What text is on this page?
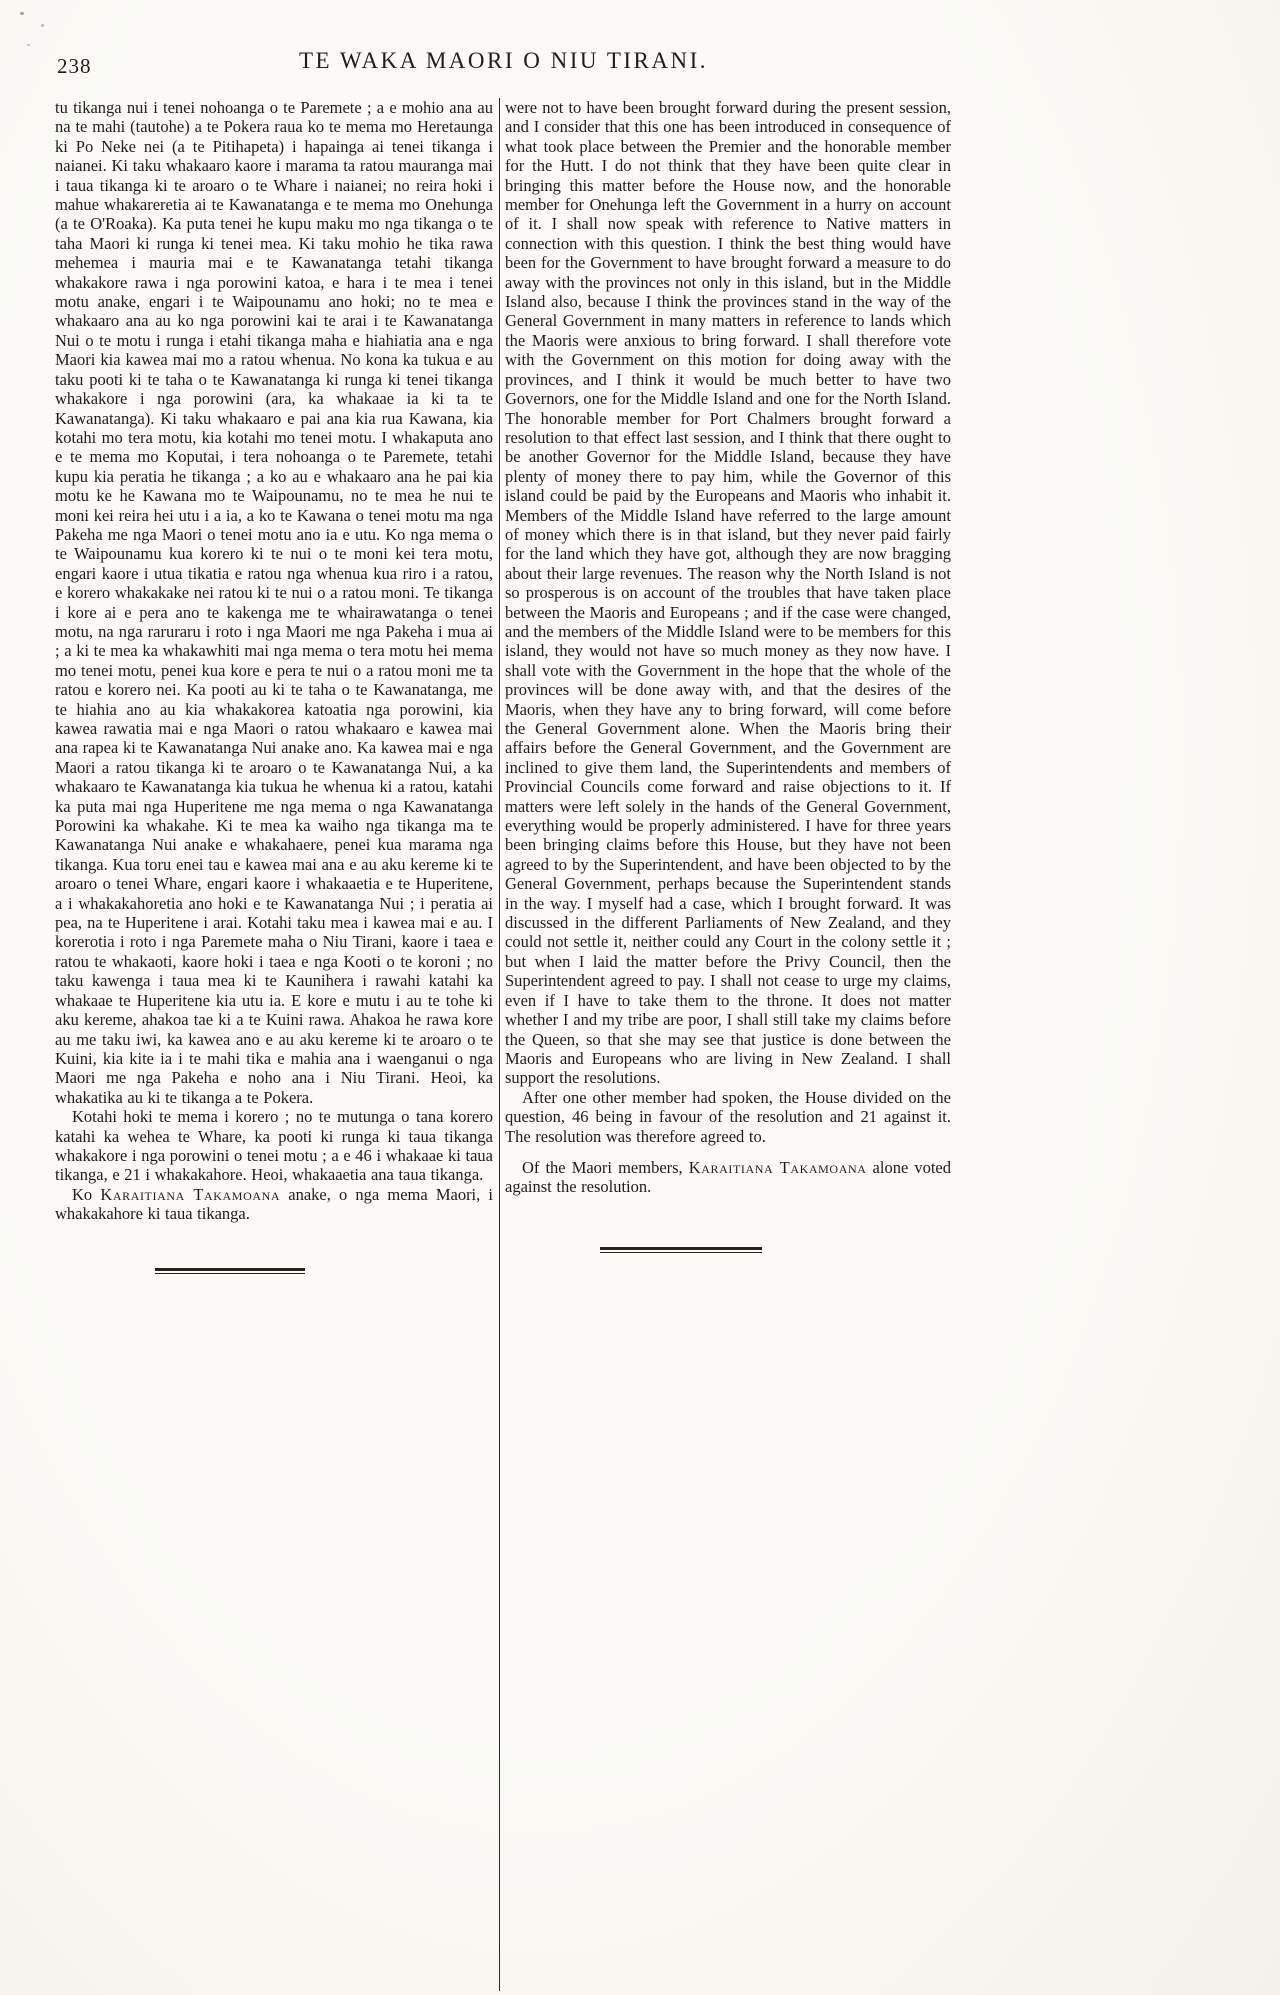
238	TE WAKA MAORI O NIU TIRANI.

tu tikanga nui i tenei nohoanga o te Paremete ; a e mohio ana au na te mahi (tautohe) a te Pokera raua ko te mema mo Heretaunga ki Po Neke nei (a te Pitihapeta) i hapainga ai tenei tikanga i naianei. Ki taku whakaaro kaore i marama ta ratou mauranga mai i taua tikanga ki te aroaro o te Whare i naianei; no reira hoki i mahue whakareretia ai te Kawanatanga e te mema mo Onehunga (a te O'Roaka). Ka puta tenei he kupu maku mo nga tikanga o te taha Maori ki runga ki tenei mea. Ki taku mohio he tika rawa mehemea i mauria mai e te Kawanatanga tetahi tikanga whakakore rawa i nga porowini katoa, e hara i te mea i tenei motu anake, engari i te Waipounamu ano hoki; no te mea e whakaaro ana au ko nga porowini kai te arai i te Kawanatanga Nui o te motu i runga i etahi tikanga maha e hiahiatia ana e nga Maori kia kawea mai mo a ratou whenua. No kona ka tukua e au taku pooti ki te taha o te Kawanatanga ki runga ki tenei tikanga whakakore i nga porowini (ara, ka whakaae ia ki ta te Kawanatanga). Ki taku whakaaro e pai ana kia rua Kawana, kia kotahi mo tera motu, kia kotahi mo tenei motu. I whakaputa ano e te mema mo Koputai, i tera nohoanga o te Paremete, tetahi kupu kia peratia he tikanga ; a ko au e whakaaro ana he pai kia motu ke he Kawana mo te Waipounamu, no te mea he nui te moni kei reira hei utu i a ia, a ko te Kawana o tenei motu ma nga Pakeha me nga Maori o tenei motu ano ia e utu. Ko nga mema o te Waipounamu kua korero ki te nui o te moni kei tera motu, engari kaore i utua tikatia e ratou nga whenua kua riro i a ratou, e korero whakakake nei ratou ki te nui o a ratou moni. Te tikanga i kore ai e pera ano te kakenga me te whairawatanga o tenei motu, na nga raruraru i roto i nga Maori me nga Pakeha i mua ai ; a ki te mea ka whakawhiti mai nga mema o tera motu hei mema mo tenei motu, penei kua kore e pera te nui o a ratou moni me ta ratou e korero nei. Ka pooti au ki te taha o te Kawanatanga, me te hiahia ano au kia whakakorea katoatia nga porowini, kia kawea rawatia mai e nga Maori o ratou whakaaro e kawea mai ana rapea ki te Kawanatanga Nui anake ano. Ka kawea mai e nga Maori a ratou tikanga ki te aroaro o te Kawanatanga Nui, a ka whakaaro te Kawanatanga kia tukua he whenua ki a ratou, katahi ka puta mai nga Huperitene me nga mema o nga Kawanatanga Porowini ka whakahe. Ki te mea ka waiho nga tikanga ma te Kawanatanga Nui anake e whakahaere, penei kua marama nga tikanga. Kua toru enei tau e kawea mai ana e au aku kereme ki te aroaro o tenei Whare, engari kaore i whakaaetia e te Huperitene, a i whakakahoretia ano hoki e te Kawanatanga Nui ; i peratia ai pea, na te Huperitene i arai. Kotahi taku mea i kawea mai e au. I korerotia i roto i nga Paremete maha o Niu Tirani, kaore i taea e ratou te whakaoti, kaore hoki i taea e nga Kooti o te koroni ; no taku kawenga i taua mea ki te Kaunihera i rawahi katahi ka whakaae te Huperitene kia utu ia. E kore e mutu i au te tohe ki aku kereme, ahakoa tae ki a te Kuini rawa. Ahakoa he rawa kore au me taku iwi, ka kawea ano e au aku kereme ki te aroaro o te Kuini, kia kite ia i te mahi tika e mahia ana i waenganui o nga Maori me nga Pakeha e noho ana i Niu Tirani. Heoi, ka whakatika au ki te tikanga a te Pokera.

Kotahi hoki te mema i korero ; no te mutunga o tana korero katahi ka wehea te Whare, ka pooti ki runga ki taua tikanga whakakore i nga porowini o tenei motu ; a e 46 i whakaae ki taua tikanga, e 21 i whakakahore. Heoi, whakaaetia ana taua tikanga.

Ko Karaitiana Takamoana anake, o nga mema Maori, i whakakahore ki taua tikanga.

were not to have been brought forward during the present session, and I consider that this one has been introduced in consequence of what took place between the Premier and the honorable member for the Hutt. I do not think that they have been quite clear in bringing this matter before the House now, and the honorable member for Onehunga left the Government in a hurry on account of it. I shall now speak with reference to Native matters in connection with this question. I think the best thing would have been for the Government to have brought forward a measure to do away with the provinces not only in this island, but in the Middle Island also, because I think the provinces stand in the way of the General Government in many matters in reference to lands which the Maoris were anxious to bring forward. I shall therefore vote with the Government on this motion for doing away with the provinces, and I think it would be much better to have two Governors, one for the Middle Island and one for the North Island. The honorable member for Port Chalmers brought forward a resolution to that effect last session, and I think that there ought to be another Governor for the Middle Island, because they have plenty of money there to pay him, while the Governor of this island could be paid by the Europeans and Maoris who inhabit it. Members of the Middle Island have referred to the large amount of money which there is in that island, but they never paid fairly for the land which they have got, although they are now bragging about their large revenues. The reason why the North Island is not so prosperous is on account of the troubles that have taken place between the Maoris and Europeans ; and if the case were changed, and the members of the Middle Island were to be members for this island, they would not have so much money as they now have. I shall vote with the Government in the hope that the whole of the provinces will be done away with, and that the desires of the Maoris, when they have any to bring forward, will come before the General Government alone. When the Maoris bring their affairs before the General Government, and the Government are inclined to give them land, the Superintendents and members of Provincial Councils come forward and raise objections to it. If matters were left solely in the hands of the General Government, everything would be properly administered. I have for three years been bringing claims before this House, but they have not been agreed to by the Superintendent, and have been objected to by the General Government, perhaps because the Superintendent stands in the way. I myself had a case, which I brought forward. It was discussed in the different Parliaments of New Zealand, and they could not settle it, neither could any Court in the colony settle it ; but when I laid the matter before the Privy Council, then the Superintendent agreed to pay. I shall not cease to urge my claims, even if I have to take them to the throne. It does not matter whether I and my tribe are poor, I shall still take my claims before the Queen, so that she may see that justice is done between the Maoris and Europeans who are living in New Zealand. I shall support the resolutions.

After one other member had spoken, the House divided on the question, 46 being in favour of the resolution and 21 against it. The resolution was therefore agreed to.

Of the Maori members, Karaitiana Takamoana alone voted against the resolution.
